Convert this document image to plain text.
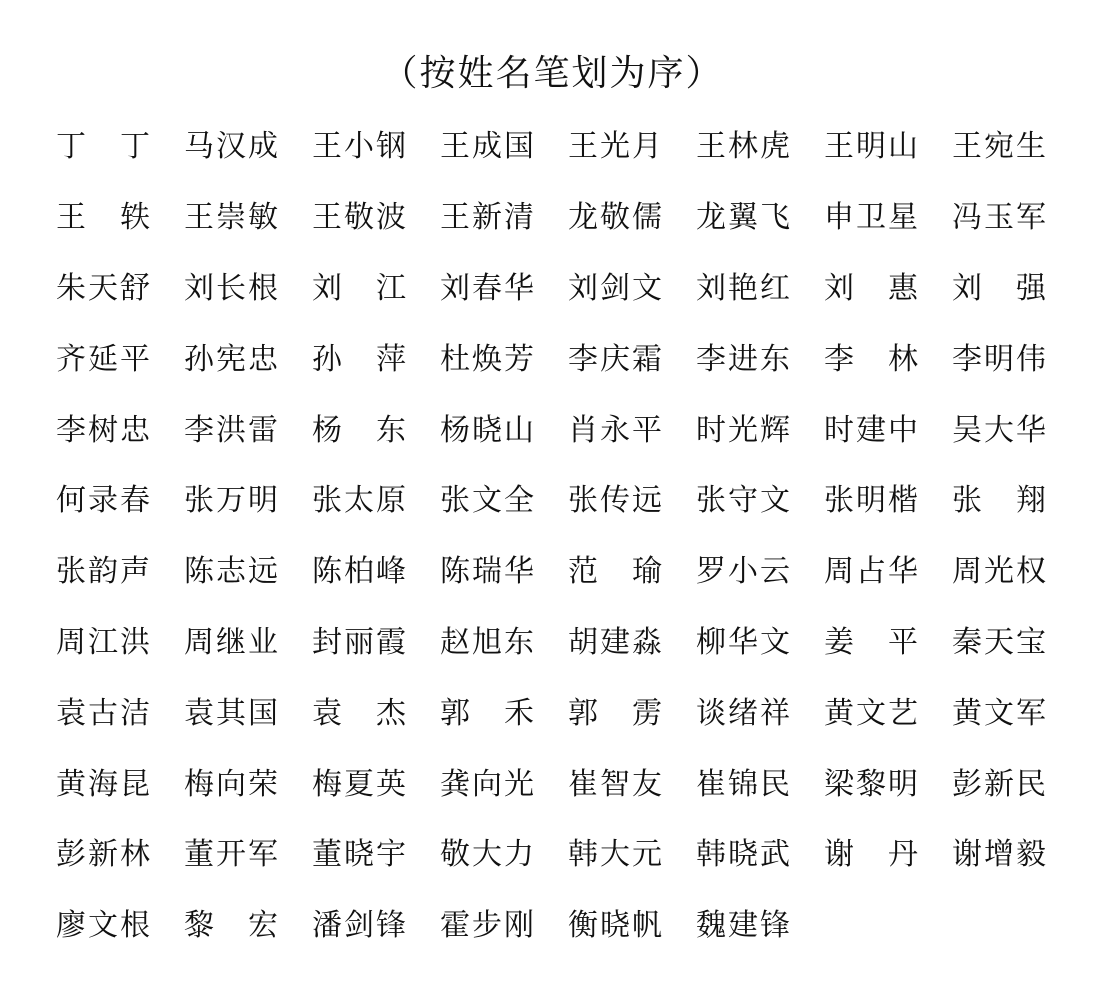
（按姓名笔划为序）
丁 丁 马 汉 成 王 小 钢 王 成 国 王 光 月 王 林 虎 王 明 山 王 宛 生
王 轶 王 崇 敏 王 敬 波 王 新 清 龙 敬 儒 龙 翼 飞 申 卫 星 冯 玉 军
朱 天 舒 刘 长 根 刘 江 刘 春 华 刘 剑 文 刘 艳 红 刘 惠 刘 强
齐 延 平 孙 宪 忠 孙 萍 杜 焕 芳 李 庆 霜 李 进 东 李 林 李 明 伟
李 树 忠 李 洪 雷 杨 东 杨 晓 山 肖 永 平 时 光 辉 时 建 中 吴 大 华
何 录 春 张 万 明 张 太 原 张 文 全 张 传 远 张 守 文 张 明 楷 张 翔
张 韵 声 陈 志 远 陈 柏 峰 陈 瑞 华 范 瑜 罗 小 云 周 占 华 周 光 权
周 江 洪 周 继 业 封 丽 霞 赵 旭 东 胡 建 淼 柳 华 文 姜 平 秦 天 宝
袁 古 洁 袁 其 国 袁 杰 郭 禾 郭 雳 谈 绪 祥 黄 文 艺 黄 文 军
黄 海 昆 梅 向 荣 梅 夏 英 龚 向 光 崔 智 友 崔 锦 民 梁 黎 明 彭 新 民
彭 新 林 董 开 军 董 晓 宇 敬 大 力 韩 大 元 韩 晓 武 谢 丹 谢 增 毅
廖 文 根 黎 宏 潘 剑 锋 霍 步 刚 衡 晓 帆 魏 建 锋
